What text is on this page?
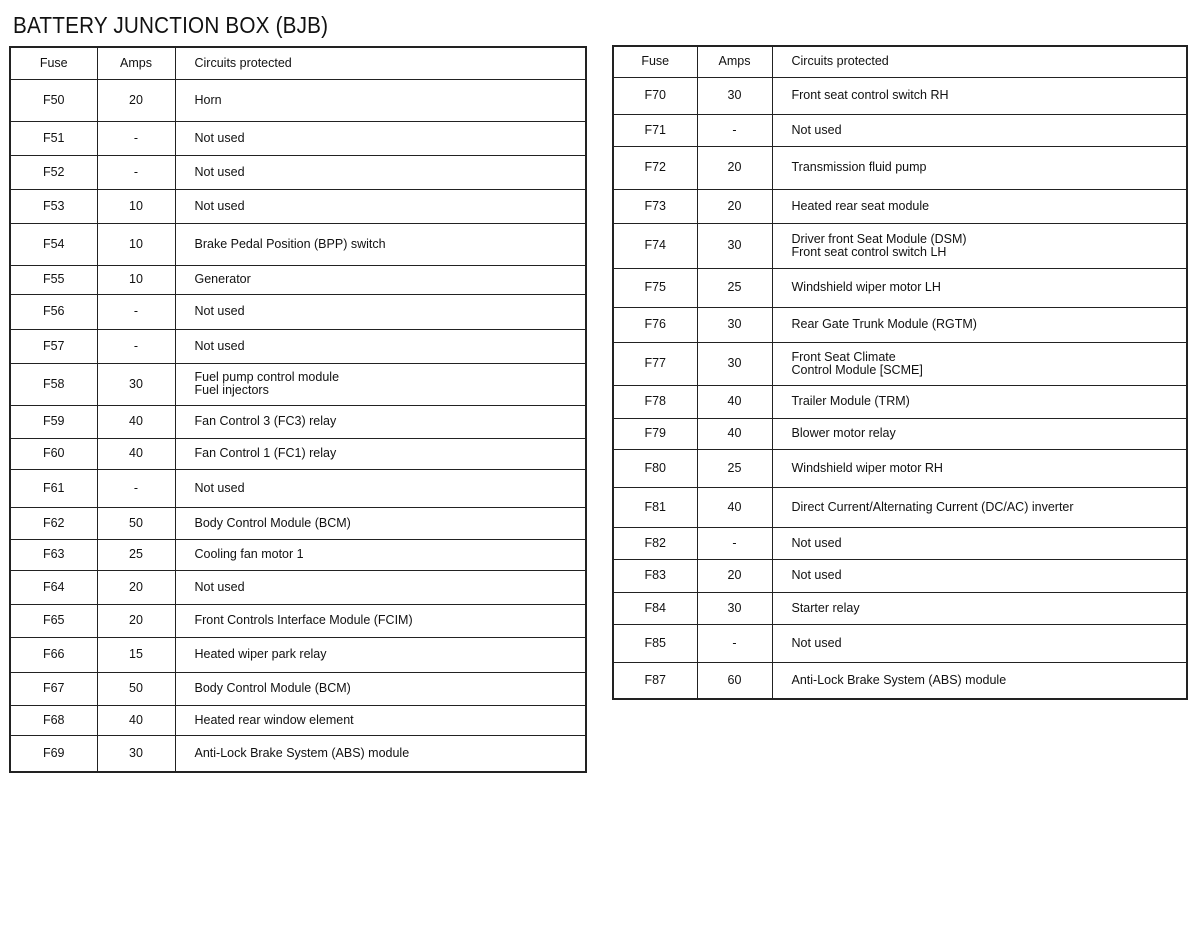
BATTERY JUNCTION BOX (BJB)
Fuse	Amps	Circuits protected
F50	20	Horn

F51	-	Not used

F52	-	Not used

F53	10	Not used

F54	10	Brake Pedal Position (BPP) switch

F55	10	Generator

F56	-	Not used

F57	-	Not used

F58	30	Fuel pump control module
Fuel injectors

F59	40	Fan Control 3 (FC3) relay

F60	40	Fan Control 1 (FC1) relay

F61	-	Not used

F62	50	Body Control Module (BCM)

F63	25	Cooling fan motor 1

F64	20	Not used

F65	20	Front Controls Interface Module (FCIM)

F66	15	Heated wiper park relay

F67	50	Body Control Module (BCM)

F68	40	Heated rear window element

F69	30	Anti-Lock Brake System (ABS) module
Fuse	Amps	Circuits protected
F70	30	Front seat control switch RH

F71	-	Not used

F72	20	Transmission fluid pump

F73	20	Heated rear seat module

F74	30	Driver front Seat Module (DSM)
Front seat control switch LH

F75	25	Windshield wiper motor LH

F76	30	Rear Gate Trunk Module (RGTM)

F77	30	Front Seat Climate
Control Module [SCME]

F78	40	Trailer Module (TRM)

F79	40	Blower motor relay

F80	25	Windshield wiper motor RH

F81	40	Direct Current/Alternating Current (DC/AC) inverter

F82	-	Not used

F83	20	Not used

F84	30	Starter relay

F85	-	Not used

F87	60	Anti-Lock Brake System (ABS) module
